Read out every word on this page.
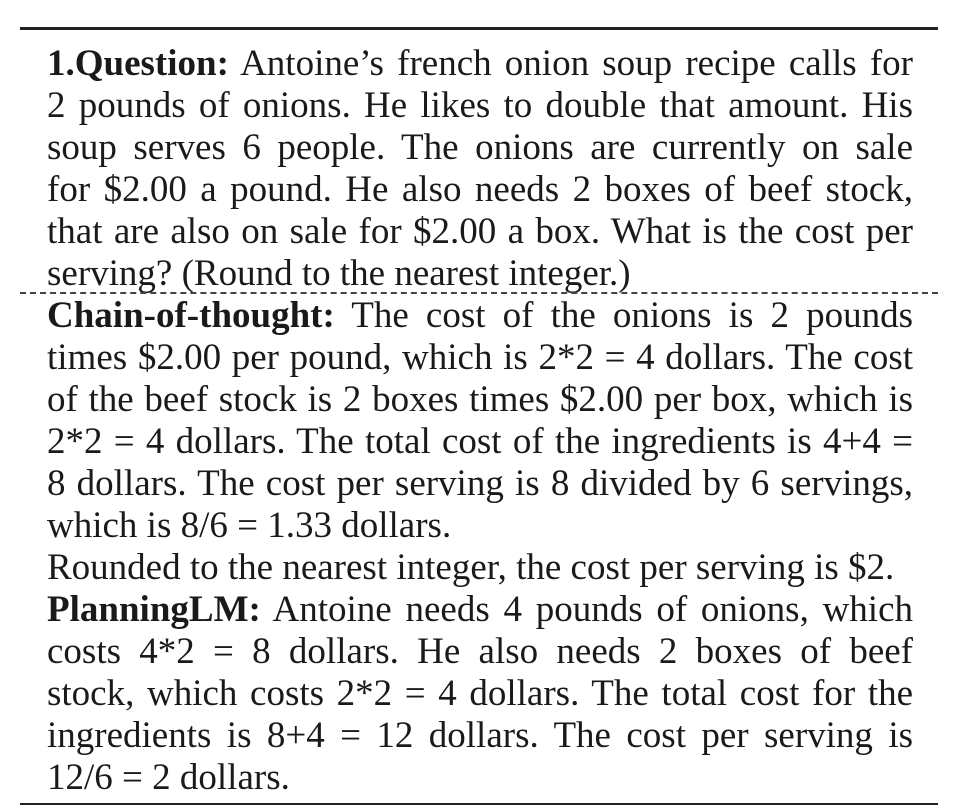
1.Question: Antoine’s french onion soup recipe calls for
2 pounds of onions. He likes to double that amount. His
soup serves 6 people. The onions are currently on sale
for $2.00 a pound. He also needs 2 boxes of beef stock,
that are also on sale for $2.00 a box. What is the cost per
serving? (Round to the nearest integer.)
Chain-of-thought: The cost of the onions is 2 pounds
times $2.00 per pound, which is 2*2 = 4 dollars. The cost
of the beef stock is 2 boxes times $2.00 per box, which is
2*2 = 4 dollars. The total cost of the ingredients is 4+4 =
8 dollars. The cost per serving is 8 divided by 6 servings,
which is 8/6 = 1.33 dollars.
Rounded to the nearest integer, the cost per serving is $2.
PlanningLM: Antoine needs 4 pounds of onions, which
costs 4*2 = 8 dollars. He also needs 2 boxes of beef
stock, which costs 2*2 = 4 dollars. The total cost for the
ingredients is 8+4 = 12 dollars. The cost per serving is
12/6 = 2 dollars.
